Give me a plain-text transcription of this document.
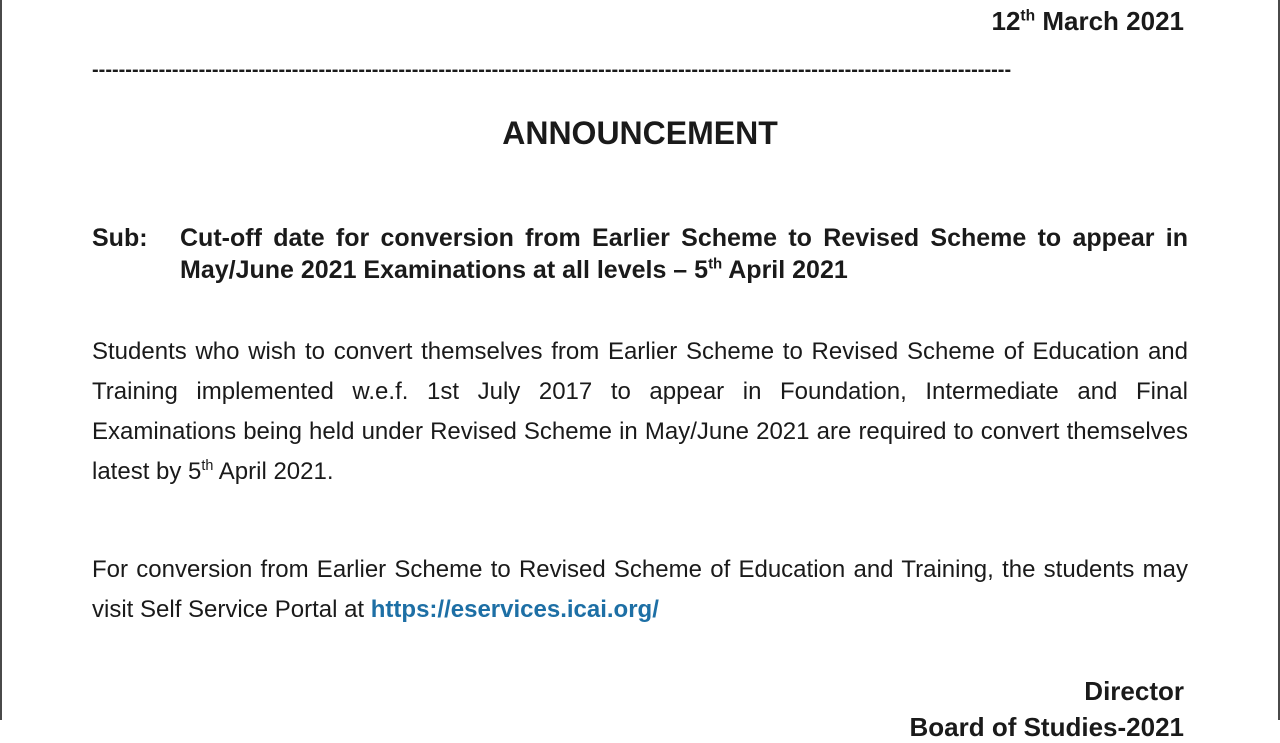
12th March 2021
------------------------------------------------------------------------------------------------------------------------------------------
ANNOUNCEMENT
Sub: Cut-off date for conversion from Earlier Scheme to Revised Scheme to appear in May/June 2021 Examinations at all levels – 5th April 2021
Students who wish to convert themselves from Earlier Scheme to Revised Scheme of Education and Training implemented w.e.f. 1st July 2017 to appear in Foundation, Intermediate and Final Examinations being held under Revised Scheme in May/June 2021 are required to convert themselves latest by 5th April 2021.
For conversion from Earlier Scheme to Revised Scheme of Education and Training, the students may visit Self Service Portal at https://eservices.icai.org/
Director
Board of Studies-2021
